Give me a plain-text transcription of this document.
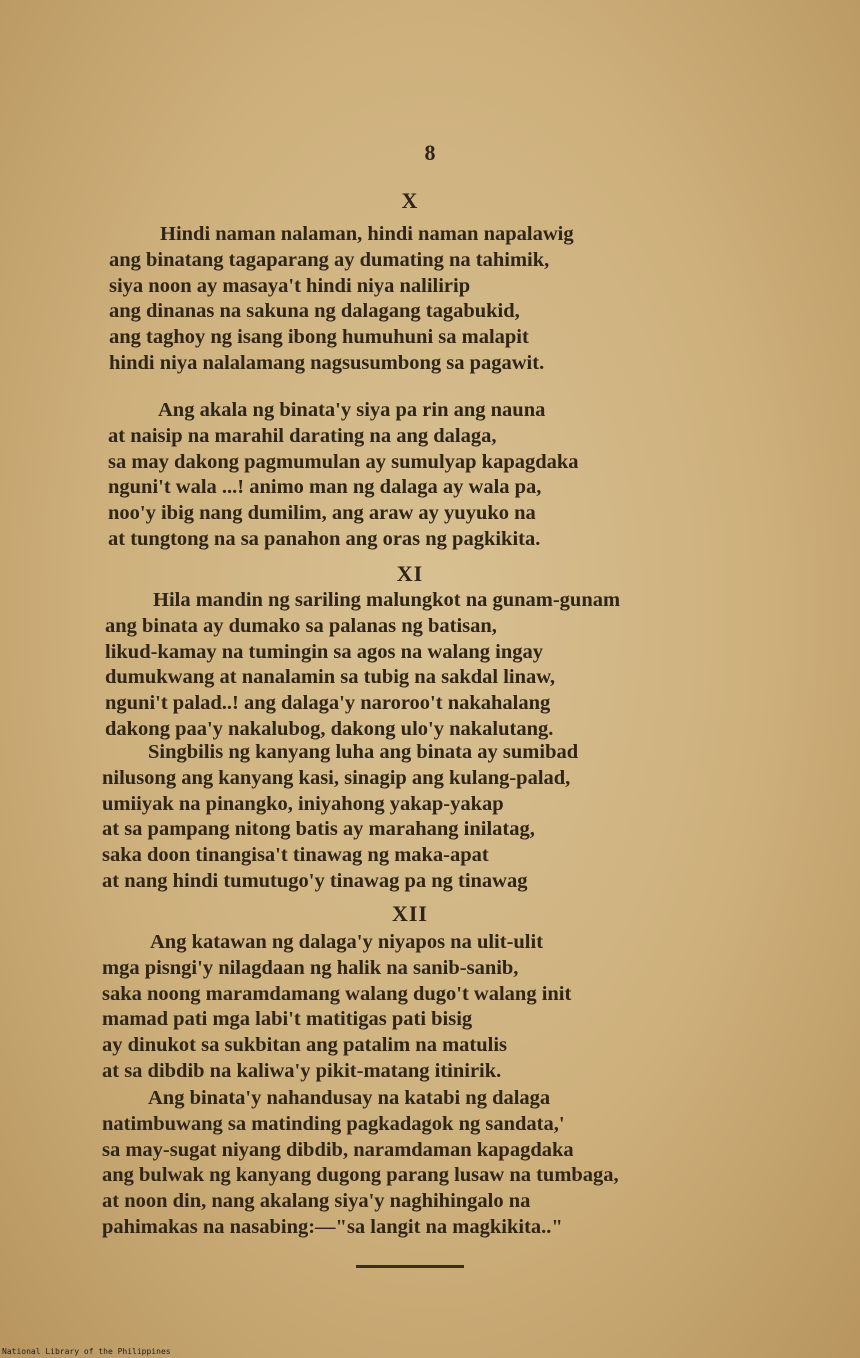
8
X
Hindi naman nalaman, hindi naman napalawig
ang binatang tagaparang ay dumating na tahimik,
siya noon ay masaya't hindi niya nalilirip
ang dinanas na sakuna ng dalagang tagabukid,
ang taghoy ng isang ibong humuhuni sa malapit
hindi niya nalalamang nagsusumbong sa pagawit.
Ang akala ng binata'y siya pa rin ang nauna
at naisip na marahil darating na ang dalaga,
sa may dakong pagmumulan ay sumulyap kapagdaka
nguni't wala ...! animo man ng dalaga ay wala pa,
noo'y ibig nang dumilim, ang araw ay yuyuko na
at tungtong na sa panahon ang oras ng pagkikita.
XI
Hila mandin ng sariling malungkot na gunam-gunam
ang binata ay dumako sa palanas ng batisan,
likud-kamay na tumingin sa agos na walang ingay
dumukwang at nanalamin sa tubig na sakdal linaw,
nguni't palad..! ang dalaga'y naroroo't nakahalang
dakong paa'y nakalubog, dakong ulo'y nakalutang.
Singbilis ng kanyang luha ang binata ay sumibad
nilusong ang kanyang kasi, sinagip ang kulang-palad,
umiiyak na pinangko, iniyahong yakap-yakap
at sa pampang nitong batis ay marahang inilatag,
saka doon tinangisa't tinawag ng maka-apat
at nang hindi tumutugo'y tinawag pa ng tinawag
XII
Ang katawan ng dalaga'y niyapos na ulit-ulit
mga pisngi'y nilagdaan ng halik na sanib-sanib,
saka noong maramdamang walang dugo't walang init
mamad pati mga labi't matitigas pati bisig
ay dinukot sa sukbitan ang patalim na matulis
at sa dibdib na kaliwa'y pikit-matang itinirik.
Ang binata'y nahandusay na katabi ng dalaga
natimbuwang sa matinding pagkadagok ng sandata,'
sa may-sugat niyang dibdib, naramdaman kapagdaka
ang bulwak ng kanyang dugong parang lusaw na tumbaga,
at noon din, nang akalang siya'y naghihingalo na
pahimakas na nasabing:—"sa langit na magkikita.."
National Library of the Philippines
